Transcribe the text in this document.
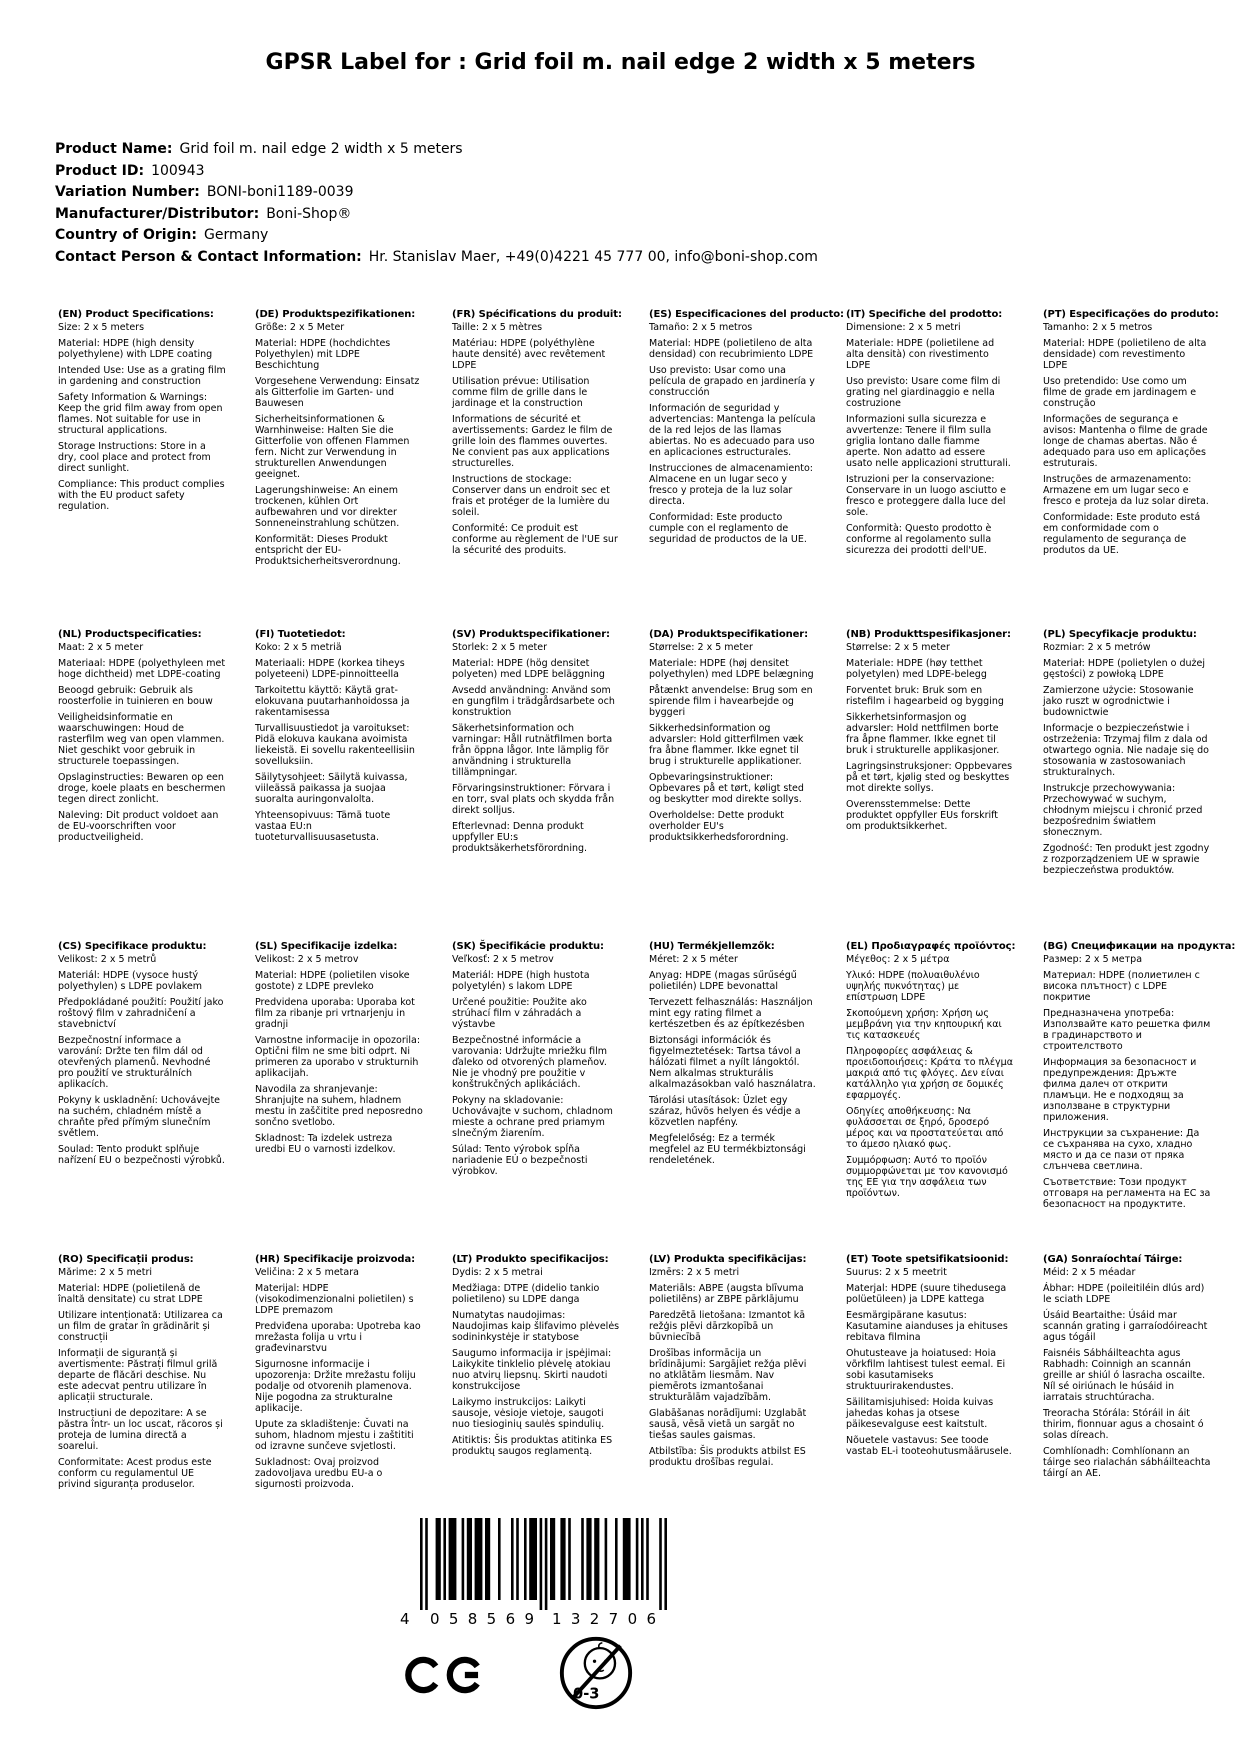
GPSR Label for : Grid foil m. nail edge 2 width x 5 meters
Product Name: Grid foil m. nail edge 2 width x 5 meters
Product ID: 100943
Variation Number: BONI-boni1189-0039
Manufacturer/Distributor: Boni-Shop®
Country of Origin: Germany
Contact Person & Contact Information: Hr. Stanislav Maer, +49(0)4221 45 777 00, info@boni-shop.com
(EN) Product Specifications:

Size: 2 x 5 meters

Material: HDPE (high density polyethylene) with LDPE coating

Intended Use: Use as a grating film in gardening and construction

Safety Information & Warnings: Keep the grid film away from open flames. Not suitable for use in structural applications.

Storage Instructions: Store in a dry, cool place and protect from direct sunlight.

Compliance: This product complies with the EU product safety regulation.

(DE) Produktspezifikationen:

Größe: 2 x 5 Meter

Material: HDPE (hochdichtes Polyethylen) mit LDPE Beschichtung

Vorgesehene Verwendung: Einsatz als Gitterfolie im Garten- und Bauwesen

Sicherheitsinformationen & Warnhinweise: Halten Sie die Gitterfolie von offenen Flammen fern. Nicht zur Verwendung in strukturellen Anwendungen geeignet.

Lagerungshinweise: An einem trockenen, kühlen Ort aufbewahren und vor direkter Sonneneinstrahlung schützen.

Konformität: Dieses Produkt entspricht der EU-Produktsicherheitsverordnung.

(FR) Spécifications du produit:

Taille: 2 x 5 mètres

Matériau: HDPE (polyéthylène haute densité) avec revêtement LDPE

Utilisation prévue: Utilisation comme film de grille dans le jardinage et la construction

Informations de sécurité et avertissements: Gardez le film de grille loin des flammes ouvertes. Ne convient pas aux applications structurelles.

Instructions de stockage: Conserver dans un endroit sec et frais et protéger de la lumière du soleil.

Conformité: Ce produit est conforme au règlement de l'UE sur la sécurité des produits.

(ES) Especificaciones del producto:

Tamaño: 2 x 5 metros

Material: HDPE (polietileno de alta densidad) con recubrimiento LDPE

Uso previsto: Usar como una película de grapado en jardinería y construcción

Información de seguridad y advertencias: Mantenga la película de la red lejos de las llamas abiertas. No es adecuado para uso en aplicaciones estructurales.

Instrucciones de almacenamiento: Almacene en un lugar seco y fresco y proteja de la luz solar directa.

Conformidad: Este producto cumple con el reglamento de seguridad de productos de la UE.

(IT) Specifiche del prodotto:

Dimensione: 2 x 5 metri

Materiale: HDPE (polietilene ad alta densità) con rivestimento LDPE

Uso previsto: Usare come film di grating nel giardinaggio e nella costruzione

Informazioni sulla sicurezza e avvertenze: Tenere il film sulla griglia lontano dalle fiamme aperte. Non adatto ad essere usato nelle applicazioni strutturali.

Istruzioni per la conservazione: Conservare in un luogo asciutto e fresco e proteggere dalla luce del sole.

Conformità: Questo prodotto è conforme al regolamento sulla sicurezza dei prodotti dell'UE.

(PT) Especificações do produto:

Tamanho: 2 x 5 metros

Material: HDPE (polietileno de alta densidade) com revestimento LDPE

Uso pretendido: Use como um filme de grade em jardinagem e construção

Informações de segurança e avisos: Mantenha o filme de grade longe de chamas abertas. Não é adequado para uso em aplicações estruturais.

Instruções de armazenamento: Armazene em um lugar seco e fresco e proteja da luz solar direta.

Conformidade: Este produto está em conformidade com o regulamento de segurança de produtos da UE.

(NL) Productspecificaties:

Maat: 2 x 5 meter

Materiaal: HDPE (polyethyleen met hoge dichtheid) met LDPE-coating

Beoogd gebruik: Gebruik als roosterfolie in tuinieren en bouw

Veiligheidsinformatie en waarschuwingen: Houd de rasterfilm weg van open vlammen. Niet geschikt voor gebruik in structurele toepassingen.

Opslaginstructies: Bewaren op een droge, koele plaats en beschermen tegen direct zonlicht.

Naleving: Dit product voldoet aan de EU-voorschriften voor productveiligheid.

(FI) Tuotetiedot:

Koko: 2 x 5 metriä

Materiaali: HDPE (korkea tiheys polyeteeni) LDPE-pinnoitteella

Tarkoitettu käyttö: Käytä grat-elokuvana puutarhanhoidossa ja rakentamisessa

Turvallisuustiedot ja varoitukset: Pidä elokuva kaukana avoimista liekeistä. Ei sovellu rakenteellisiin sovelluksiin.

Säilytysohjeet: Säilytä kuivassa, viileässä paikassa ja suojaa suoralta auringonvalolta.

Yhteensopivuus: Tämä tuote vastaa EU:n tuoteturvallisuusasetusta.

(SV) Produktspecifikationer:

Storlek: 2 x 5 meter

Material: HDPE (hög densitet polyeten) med LDPE beläggning

Avsedd användning: Använd som en gungfilm i trädgårdsarbete och konstruktion

Säkerhetsinformation och varningar: Håll rutnätfilmen borta från öppna lågor. Inte lämplig för användning i strukturella tillämpningar.

Förvaringsinstruktioner: Förvara i en torr, sval plats och skydda från direkt solljus.

Efterlevnad: Denna produkt uppfyller EU:s produktsäkerhetsförordning.

(DA) Produktspecifikationer:

Størrelse: 2 x 5 meter

Materiale: HDPE (høj densitet polyethylen) med LDPE belægning

Påtænkt anvendelse: Brug som en spirende film i havearbejde og byggeri

Sikkerhedsinformation og advarsler: Hold gitterfilmen væk fra åbne flammer. Ikke egnet til brug i strukturelle applikationer.

Opbevaringsinstruktioner: Opbevares på et tørt, køligt sted og beskytter mod direkte sollys.

Overholdelse: Dette produkt overholder EU's produktsikkerhedsforordning.

(NB) Produkttspesifikasjoner:

Størrelse: 2 x 5 meter

Materiale: HDPE (høy tetthet polyetylen) med LDPE-belegg

Forventet bruk: Bruk som en ristefilm i hagearbeid og bygging

Sikkerhetsinformasjon og advarsler: Hold nettfilmen borte fra åpne flammer. Ikke egnet til bruk i strukturelle applikasjoner.

Lagringsinstruksjoner: Oppbevares på et tørt, kjølig sted og beskyttes mot direkte sollys.

Overensstemmelse: Dette produktet oppfyller EUs forskrift om produktsikkerhet.

(PL) Specyfikacje produktu:

Rozmiar: 2 x 5 metrów

Materiał: HDPE (polietylen o dużej gęstości) z powłoką LDPE

Zamierzone użycie: Stosowanie jako ruszt w ogrodnictwie i budownictwie

Informacje o bezpieczeństwie i ostrzeżenia: Trzymaj film z dala od otwartego ognia. Nie nadaje się do stosowania w zastosowaniach strukturalnych.

Instrukcje przechowywania: Przechowywać w suchym, chłodnym miejscu i chronić przed bezpośrednim światłem słonecznym.

Zgodność: Ten produkt jest zgodny z rozporządzeniem UE w sprawie bezpieczeństwa produktów.

(CS) Specifikace produktu:

Velikost: 2 x 5 metrů

Materiál: HDPE (vysoce hustý polyethylen) s LDPE povlakem

Předpokládané použití: Použití jako roštový film v zahradničení a stavebnictví

Bezpečnostní informace a varování: Držte ten film dál od otevřených plamenů. Nevhodné pro použití ve strukturálních aplikacích.

Pokyny k uskladnění: Uchovávejte na suchém, chladném místě a chraňte před přímým slunečním světlem.

Soulad: Tento produkt splňuje nařízení EU o bezpečnosti výrobků.

(SL) Specifikacije izdelka:

Velikost: 2 x 5 metrov

Material: HDPE (polietilen visoke gostote) z LDPE prevleko

Predvidena uporaba: Uporaba kot film za ribanje pri vrtnarjenju in gradnji

Varnostne informacije in opozorila: Optični film ne sme biti odprt. Ni primeren za uporabo v strukturnih aplikacijah.

Navodila za shranjevanje: Shranjujte na suhem, hladnem mestu in zaščitite pred neposredno sončno svetlobo.

Skladnost: Ta izdelek ustreza uredbi EU o varnosti izdelkov.

(SK) Špecifikácie produktu:

Veľkosť: 2 x 5 metrov

Materiál: HDPE (high hustota polyetylén) s lakom LDPE

Určené použitie: Použite ako strúhací film v záhradách a výstavbe

Bezpečnostné informácie a varovania: Udržujte mriežku film ďaleko od otvorených plameňov. Nie je vhodný pre použitie v konštrukčných aplikáciách.

Pokyny na skladovanie: Uchovávajte v suchom, chladnom mieste a ochrane pred priamym slnečným žiarením.

Súlad: Tento výrobok spĺňa nariadenie EÚ o bezpečnosti výrobkov.

(HU) Termékjellemzők:

Méret: 2 x 5 méter

Anyag: HDPE (magas sűrűségű polietilén) LDPE bevonattal

Tervezett felhasználás: Használjon mint egy rating filmet a kertészetben és az építkezésben

Biztonsági információk és figyelmeztetések: Tartsa távol a hálózati filmet a nyílt lángoktól. Nem alkalmas strukturális alkalmazásokban való használatra.

Tárolási utasítások: Üzlet egy száraz, hűvös helyen és védje a közvetlen napfény.

Megfelelőség: Ez a termék megfelel az EU termékbiztonsági rendeletének.

(EL) Προδιαγραφές προϊόντος:

Μέγεθος: 2 x 5 μέτρα

Υλικό: HDPE (πολυαιθυλένιο υψηλής πυκνότητας) με επίστρωση LDPE

Σκοπούμενη χρήση: Χρήση ως μεμβράνη για την κηπουρική και τις κατασκευές

Πληροφορίες ασφάλειας & προειδοποιήσεις: Κράτα το πλέγμα μακριά από τις φλόγες. Δεν είναι κατάλληλο για χρήση σε δομικές εφαρμογές.

Οδηγίες αποθήκευσης: Να φυλάσσεται σε ξηρό, δροσερό μέρος και να προστατεύεται από το άμεσο ηλιακό φως.

Συμμόρφωση: Αυτό το προϊόν συμμορφώνεται με τον κανονισμό της ΕΕ για την ασφάλεια των προϊόντων.

(BG) Спецификации на продукта:

Размер: 2 x 5 метра

Материал: HDPE (полиетилен с висока плътност) с LDPE покритие

Предназначена употреба: Използвайте като решетка филм в градинарството и строителството

Информация за безопасност и предупреждения: Дръжте филма далеч от открити пламъци. Не е подходящ за използване в структурни приложения.

Инструкции за съхранение: Да се съхранява на сухо, хладно място и да се пази от пряка слънчева светлина.

Съответствие: Този продукт отговаря на регламента на ЕС за безопасност на продуктите.

(RO) Specificații produs:

Mărime: 2 x 5 metri

Material: HDPE (polietilenă de înaltă densitate) cu strat LDPE

Utilizare intenționată: Utilizarea ca un film de gratar în grădinărit și construcții

Informații de siguranță și avertismente: Păstrați filmul grilă departe de flăcări deschise. Nu este adecvat pentru utilizare în aplicații structurale.

Instrucțiuni de depozitare: A se păstra într- un loc uscat, răcoros și proteja de lumina directă a soarelui.

Conformitate: Acest produs este conform cu regulamentul UE privind siguranța produselor.

(HR) Specifikacije proizvoda:

Veličina: 2 x 5 metara

Materijal: HDPE (visokodimenzionalni polietilen) s LDPE premazom

Predviđena uporaba: Upotreba kao mrežasta folija u vrtu i građevinarstvu

Sigurnosne informacije i upozorenja: Držite mrežastu foliju podalje od otvorenih plamenova. Nije pogodna za strukturalne aplikacije.

Upute za skladištenje: Čuvati na suhom, hladnom mjestu i zaštititi od izravne sunčeve svjetlosti.

Sukladnost: Ovaj proizvod zadovoljava uredbu EU-a o sigurnosti proizvoda.

(LT) Produkto specifikacijos:

Dydis: 2 x 5 metrai

Medžiaga: DTPE (didelio tankio polietileno) su LDPE danga

Numatytas naudojimas: Naudojimas kaip šlifavimo plėvelės sodininkystėje ir statybose

Saugumo informacija ir įspėjimai: Laikykite tinklelio plėvelę atokiau nuo atvirų liepsnų. Skirti naudoti konstrukcijose

Laikymo instrukcijos: Laikyti sausoje, vėsioje vietoje, saugoti nuo tiesioginių saulės spindulių.

Atitiktis: Šis produktas atitinka ES produktų saugos reglamentą.

(LV) Produkta specifikācijas:

Izmērs: 2 x 5 metri

Materiāls: ABPE (augsta blīvuma polietilēns) ar ZBPE pārklājumu

Paredzētā lietošana: Izmantot kā režģis plēvi dārzkopībā un būvniecībā

Drošības informācija un brīdinājumi: Sargājiet režģa plēvi no atklātām liesmām. Nav piemērots izmantošanai strukturālām vajadzībām.

Glabāšanas norādījumi: Uzglabāt sausā, vēsā vietā un sargāt no tiešas saules gaismas.

Atbilstība: Šis produkts atbilst ES produktu drošības regulai.

(ET) Toote spetsifikatsioonid:

Suurus: 2 x 5 meetrit

Materjal: HDPE (suure tihedusega polüetüleen) ja LDPE kattega

Eesmärgipärane kasutus: Kasutamine aianduses ja ehituses rebitava filmina

Ohutusteave ja hoiatused: Hoia võrkfilm lahtisest tulest eemal. Ei sobi kasutamiseks struktuurirakendustes.

Säilitamisjuhised: Hoida kuivas jahedas kohas ja otsese päikesevalguse eest kaitstult.

Nõuetele vastavus: See toode vastab EL-i tooteohutusmäärusele.

(GA) Sonraíochtaí Táirge:

Méid: 2 x 5 méadar

Ábhar: HDPE (poileitiléin dlús ard) le sciath LDPE

Úsáid Beartaithe: Úsáid mar scannán grating i garraíodóireacht agus tógáil

Faisnéis Sábháilteachta agus Rabhadh: Coinnigh an scannán greille ar shiúl ó lasracha oscailte. Níl sé oiriúnach le húsáid in iarratais struchtúracha.

Treoracha Stórála: Stóráil in áit thirim, fionnuar agus a chosaint ó solas díreach.

Comhlíonadh: Comhlíonann an táirge seo rialachán sábháilteachta táirgí an AE.

4 058569 132706
0-3
